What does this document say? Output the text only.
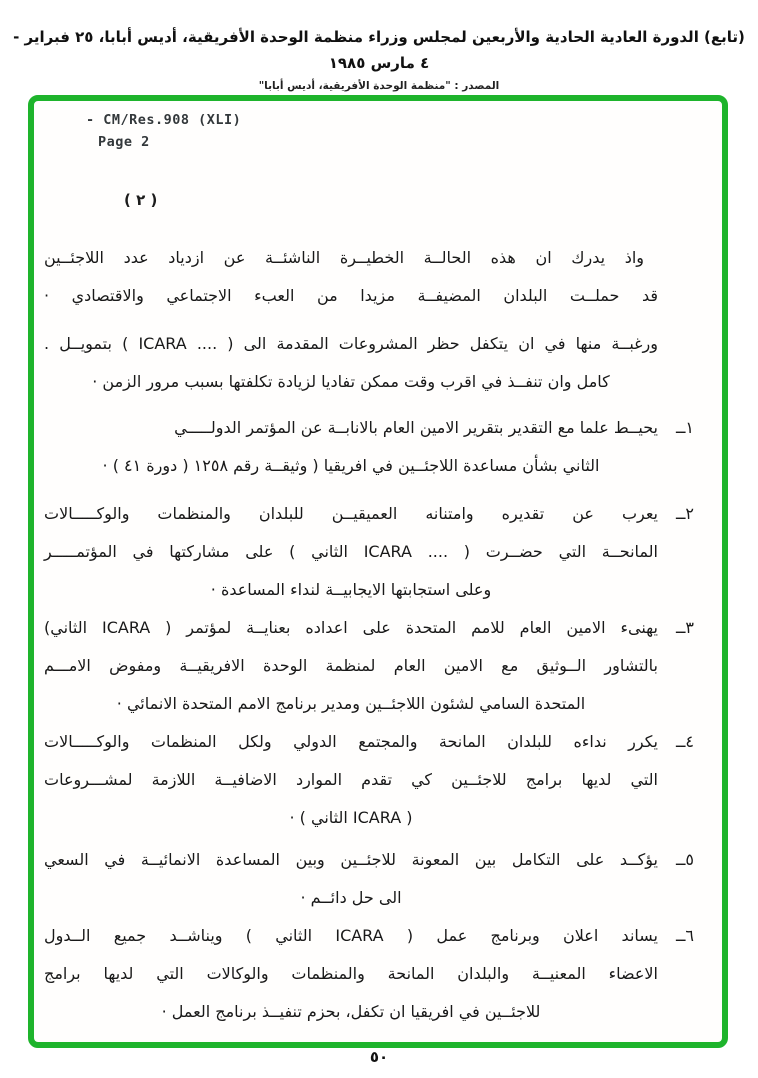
(تابع) الدورة العادية الحادية والأربعين لمجلس وزراء منظمة الوحدة الأفريقية، أديس أبابا، ٢٥ فبراير - ٤ مارس ١٩٨٥
المصدر : "منظمة الوحدة الأفريقية، أديس أبابا"
- CM/Res.908 (XLI)
Page 2
( ٢ )
واذ يدرك ان هذه الحالــة الخطيــرة الناشئــة عن ازدياد عدد اللاجئــين
قد حملــت البلدان المضيفــة مزيدا من العبء الاجتماعي والاقتصادي ·
ورغبــة منها في ان يتكفل حظر المشروعات المقدمة الى ( .... ICARA ) بتمويــل .
كامل وان تنفــذ في اقرب وقت ممكن تفاديا لزيادة تكلفتها بسبب مرور الزمن ·
١ــ
يحيــط علما مع التقدير بتقرير الامين العام بالانابــة عن المؤتمر الدولـــــي
الثاني بشأن مساعدة اللاجئــين في افريقيا ( وثيقــة رقم ١٢٥٨ ( دورة ٤١ ) ·
٢ــ
يعرب عن تقديره وامتنانه العميقيــن للبلدان والمنظمات والوكـــــالات
المانحــة التي حضــرت ( .... ICARA الثاني ) على مشاركتها في المؤتمـــــر
وعلى استجابتها الايجابيــة لنداء المساعدة ·
٣ــ
يهنىء الامين العام للامم المتحدة على اعداده بعنايــة لمؤتمر ( ICARA الثاني)
بالتشاور الــوثيق مع الامين العام لمنظمة الوحدة الافريقيــة ومفوض الامـــم
المتحدة السامي لشئون اللاجئــين ومدير برنامج الامم المتحدة الانمائي ·
٤ــ
يكرر نداءه للبلدان المانحة والمجتمع الدولي ولكل المنظمات والوكـــــالات
التي لديها برامج للاجئــين كي تقدم الموارد الاضافيــة اللازمة لمشـــروعات
( ICARA الثاني ) ·
٥ــ
يؤكــد على التكامل بين المعونة للاجئــين وبين المساعدة الانمائيــة في السعي
الى حل دائــم ·
٦ــ
يساند اعلان وبرنامج عمل ( ICARA الثاني ) ويناشــد جميع الــدول
الاعضاء المعنيــة والبلدان المانحة والمنظمات والوكالات التي لديها برامج
للاجئــين في افريقيا ان تكفل، بحزم تنفيــذ برنامج العمل ·
٥٠
